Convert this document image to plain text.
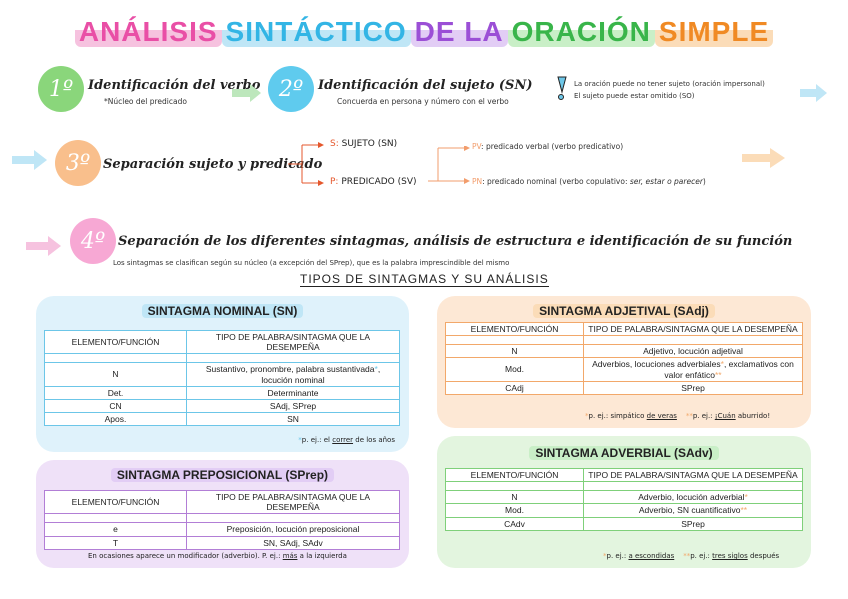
ANÁLISIS SINTÁCTICO DE LA ORACIÓN SIMPLE
1º	Identificación del verbo
*Núcleo del predicado	2º	Identificación del sujeto (SN)
Concuerda en persona y número con el verbo
La oración puede no tener sujeto (oración impersonal)
El sujeto puede estar omitido (SO)
3º Separación sujeto y predicado
S: SUJETO (SN)
P: PREDICADO (SV)
PV: predicado verbal (verbo predicativo)
PN: predicado nominal (verbo copulativo: ser, estar o parecer)
4º Separación de los diferentes sintagmas, análisis de estructura e identificación de su función
Los sintagmas se clasifican según su núcleo (a excepción del SPrep), que es la palabra imprescindible del mismo
TIPOS DE SINTAGMAS Y SU ANÁLISIS
SINTAGMA NOMINAL (SN)
ELEMENTO/FUNCIÓN	TIPO DE PALABRA/SINTAGMA QUE LA DESEMPEÑA

N	Sustantivo, pronombre, palabra sustantivada*, locución nominal
Det.	Determinante
CN	SAdj, SPrep
Apos.	SN
*p. ej.: el correr de los años
SINTAGMA PREPOSICIONAL (SPrep)
ELEMENTO/FUNCIÓN	TIPO DE PALABRA/SINTAGMA QUE LA DESEMPEÑA

e	Preposición, locución preposicional
T	SN, SAdj, SAdv
En ocasiones aparece un modificador (adverbio). P. ej.: más a la izquierda
SINTAGMA ADJETIVAL (SAdj)
ELEMENTO/FUNCIÓN	TIPO DE PALABRA/SINTAGMA QUE LA DESEMPEÑA

N	Adjetivo, locución adjetival
Mod.	Adverbios, locuciones adverbiales*, exclamativos con valor enfático**
CAdj	SPrep
*p. ej.: simpático de veras **p. ej.: ¡Cuán aburrido!
SINTAGMA ADVERBIAL (SAdv)
ELEMENTO/FUNCIÓN	TIPO DE PALABRA/SINTAGMA QUE LA DESEMPEÑA

N	Adverbio, locución adverbial*
Mod.	Adverbio, SN cuantificativo**
CAdv	SPrep
*p. ej.: a escondidas **p. ej.: tres siglos después
